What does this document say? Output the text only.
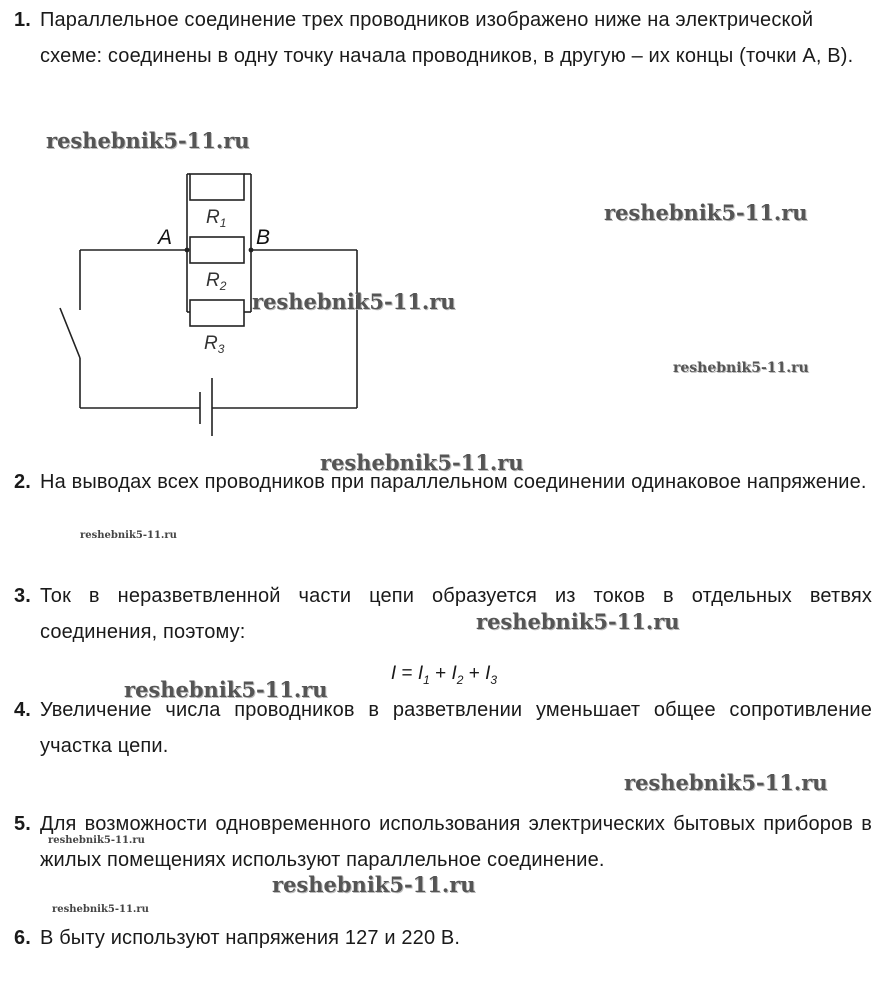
1. Параллельное соединение трех проводников изображено ниже на электрической схеме: соединены в одну точку начала проводников, в другую – их концы (точки А, В).
A	B
$R_1$
$R_2$
$R_3$
2. На выводах всех проводников при параллельном соединении одинаковое напряжение.
3. Ток в неразветвленной части цепи образуется из токов в отдельных ветвях соединения, поэтому:
$I = I_1 + I_2 + I_3$
4. Увеличение числа проводников в разветвлении уменьшает общее сопротивление участка цепи.
5. Для возможности одновременного использования электрических бытовых приборов в жилых помещениях используют параллельное соединение.
6. В быту используют напряжения 127 и 220 В.
reshebnik5-11.ru
reshebnik5-11.ru
reshebnik5-11.ru
reshebnik5-11.ru
reshebnik5-11.ru
reshebnik5-11.ru
reshebnik5-11.ru
reshebnik5-11.ru
reshebnik5-11.ru
reshebnik5-11.ru
reshebnik5-11.ru
reshebnik5-11.ru
